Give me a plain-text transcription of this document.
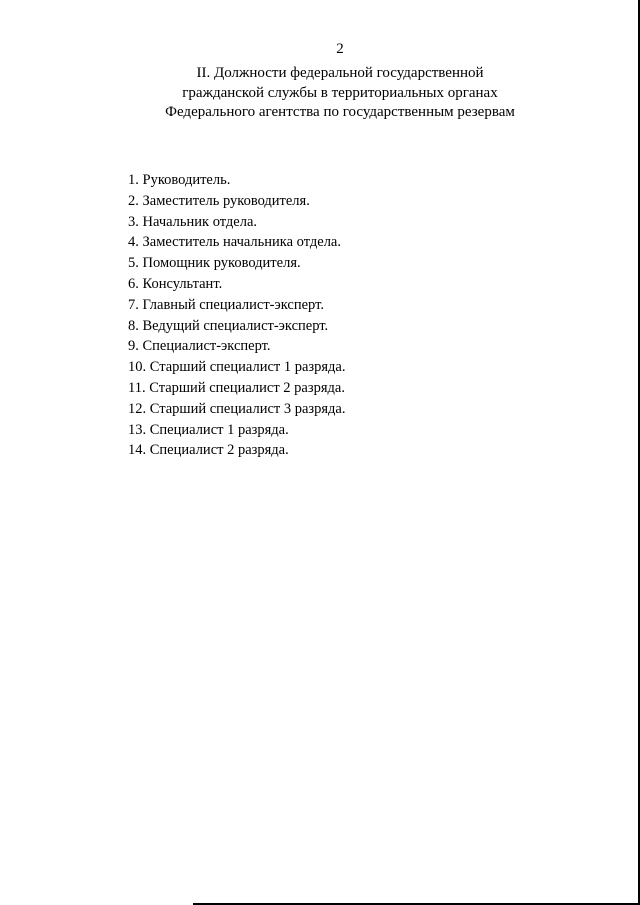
2
II. Должности федеральной государственной
гражданской службы в территориальных органах
Федерального агентства по государственным резервам
1. Руководитель.
2. Заместитель руководителя.
3. Начальник отдела.
4. Заместитель начальника отдела.
5. Помощник руководителя.
6. Консультант.
7. Главный специалист-эксперт.
8. Ведущий специалист-эксперт.
9. Специалист-эксперт.
10. Старший специалист 1 разряда.
11. Старший специалист 2 разряда.
12. Старший специалист 3 разряда.
13. Специалист 1 разряда.
14. Специалист 2 разряда.
